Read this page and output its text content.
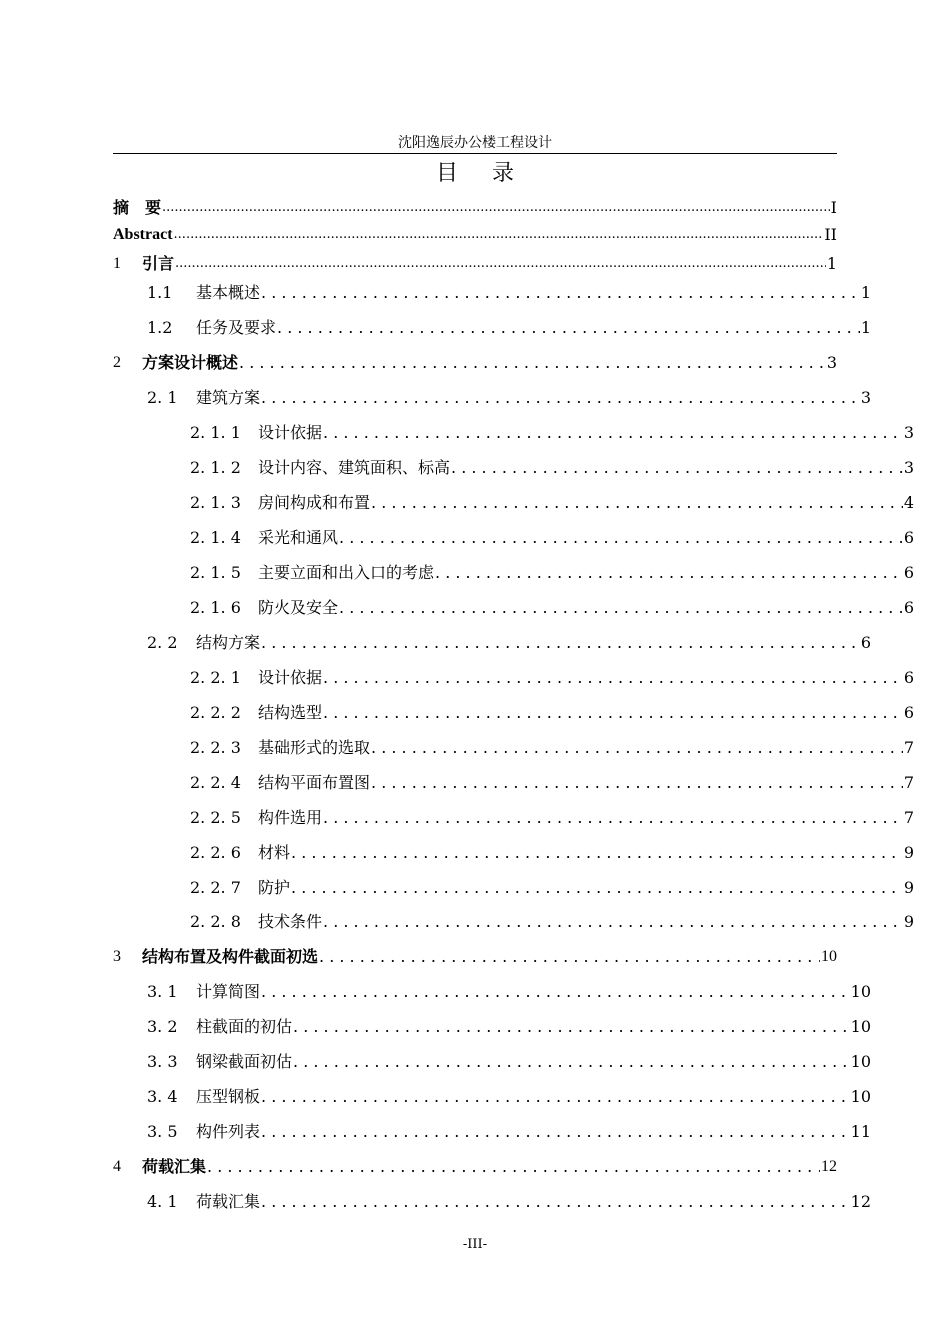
沈阳逸辰办公楼工程设计
目录
摘　要 .....	I
Abstract .....	II
1	引言 .....	1
1.1	基本概述 . . .	1
1.2	任务及要求 . . .	1
2	方案设计概述 . . .	3
2. 1	建筑方案 . . .	3
2. 1. 1	设计依据 . . .	3
2. 1. 2	设计内容、建筑面积、标高 . . .	3
2. 1. 3	房间构成和布置 . . .	4
2. 1. 4	采光和通风 . . .	6
2. 1. 5	主要立面和出入口的考虑 . . .	6
2. 1. 6	防火及安全 . . .	6
2. 2	结构方案 . . .	6
2. 2. 1	设计依据 . . .	6
2. 2. 2	结构选型 . . .	6
2. 2. 3	基础形式的选取 . . .	7
2. 2. 4	结构平面布置图 . . .	7
2. 2. 5	构件选用 . . .	7
2. 2. 6	材料 . . .	9
2. 2. 7	防护 . . .	9
2. 2. 8	技术条件 . . .	9
3	结构布置及构件截面初选 . . .	10
3. 1	计算简图 . . .	10
3. 2	柱截面的初估 . . .	10
3. 3	钢梁截面初估 . . .	10
3. 4	压型钢板 . . .	10
3. 5	构件列表 . . .	11
4	荷载汇集 . . .	12
4. 1	荷载汇集 . . .	12
-III-
